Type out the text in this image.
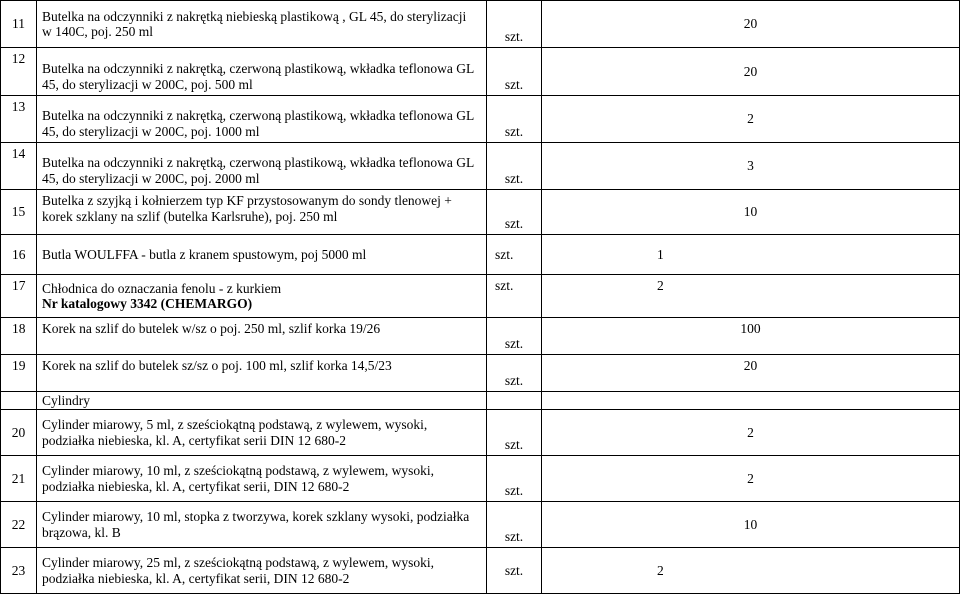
11	Butelka na odczynniki z nakrętką niebieską plastikową , GL 45, do sterylizacji
w 140C, poj. 250 ml	szt.	20
12	Butelka na odczynniki z nakrętką, czerwoną plastikową, wkładka teflonowa GL
45, do sterylizacji w 200C, poj. 500 ml	szt.	20
13	Butelka na odczynniki z nakrętką, czerwoną plastikową, wkładka teflonowa GL
45, do sterylizacji w 200C, poj. 1000 ml	szt.	2
14	Butelka na odczynniki z nakrętką, czerwoną plastikową, wkładka teflonowa GL
45, do sterylizacji w 200C, poj. 2000 ml	szt.	3
15	Butelka z szyjką i kołnierzem typ KF przystosowanym do sondy tlenowej +
korek szklany na szlif (butelka Karlsruhe), poj. 250 ml	szt.	10
16	Butla WOULFFA - butla z kranem spustowym, poj 5000 ml	szt.	1
17	Chłodnica do oznaczania fenolu - z kurkiem
Nr katalogowy 3342 (CHEMARGO)	szt.	2
18	Korek na szlif do butelek w/sz o poj. 250 ml, szlif korka 19/26	szt.	100
19	Korek na szlif do butelek sz/sz o poj. 100 ml, szlif korka 14,5/23	szt.	20
	Cylindry		
20	Cylinder miarowy, 5 ml, z sześciokątną podstawą, z wylewem, wysoki,
podziałka niebieska, kl. A, certyfikat serii DIN 12 680-2	szt.	2
21	Cylinder miarowy, 10 ml, z sześciokątną podstawą, z wylewem, wysoki,
podziałka niebieska, kl. A, certyfikat serii, DIN 12 680-2	szt.	2
22	Cylinder miarowy, 10 ml, stopka z tworzywa, korek szklany wysoki, podziałka
brązowa, kl. B	szt.	10
23	Cylinder miarowy, 25 ml, z sześciokątną podstawą, z wylewem, wysoki,
podziałka niebieska, kl. A, certyfikat serii, DIN 12 680-2	szt.	2
